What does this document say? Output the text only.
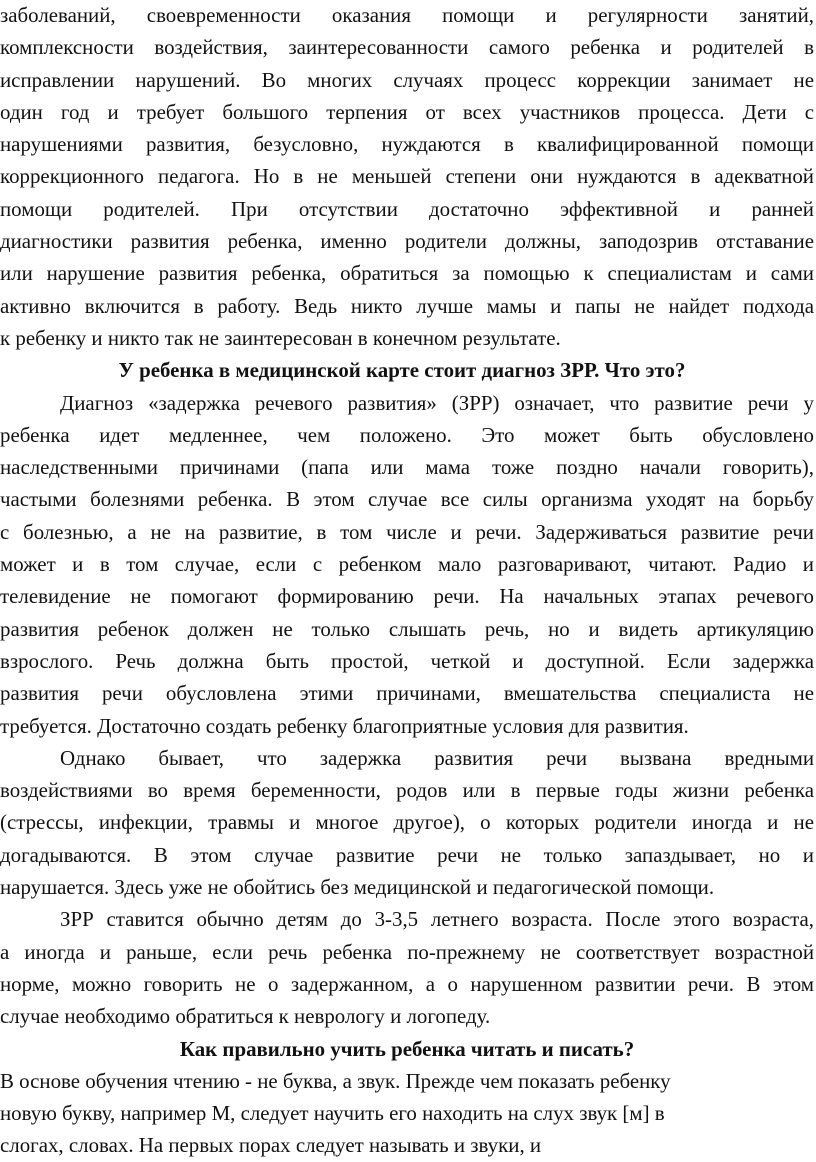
заболеваний, своевременности оказания помощи и регулярности занятий,
комплексности воздействия, заинтересованности самого ребенка и родителей в
исправлении нарушений. Во многих случаях процесс коррекции занимает не
один год и требует большого терпения от всех участников процесса. Дети с
нарушениями развития, безусловно, нуждаются в квалифицированной помощи
коррекционного педагога. Но в не меньшей степени они нуждаются в адекватной
помощи родителей. При отсутствии достаточно эффективной и ранней
диагностики развития ребенка, именно родители должны, заподозрив отставание
или нарушение развития ребенка, обратиться за помощью к специалистам и сами
активно включится в работу. Ведь никто лучше мамы и папы не найдет подхода
к ребенку и никто так не заинтересован в конечном результате.
У ребенка в медицинской карте стоит диагноз ЗРР. Что это?
Диагноз «задержка речевого развития» (ЗРР) означает, что развитие речи у
ребенка идет медленнее, чем положено. Это может быть обусловлено
наследственными причинами (папа или мама тоже поздно начали говорить),
частыми болезнями ребенка. В этом случае все силы организма уходят на борьбу
с болезнью, а не на развитие, в том числе и речи. Задерживаться развитие речи
может и в том случае, если с ребенком мало разговаривают, читают. Радио и
телевидение не помогают формированию речи. На начальных этапах речевого
развития ребенок должен не только слышать речь, но и видеть артикуляцию
взрослого. Речь должна быть простой, четкой и доступной. Если задержка
развития речи обусловлена этими причинами, вмешательства специалиста не
требуется. Достаточно создать ребенку благоприятные условия для развития.
Однако бывает, что задержка развития речи вызвана вредными
воздействиями во время беременности, родов или в первые годы жизни ребенка
(стрессы, инфекции, травмы и многое другое), о которых родители иногда и не
догадываются. В этом случае развитие речи не только запаздывает, но и
нарушается. Здесь уже не обойтись без медицинской и педагогической помощи.
ЗРР ставится обычно детям до 3-3,5 летнего возраста. После этого возраста,
а иногда и раньше, если речь ребенка по-прежнему не соответствует возрастной
норме, можно говорить не о задержанном, а о нарушенном развитии речи. В этом
случае необходимо обратиться к неврологу и логопеду.
Как правильно учить ребенка читать и писать?
В основе обучения чтению - не буква, а звук. Прежде чем показать ребенку
новую букву, например М, следует научить его находить на слух звук [м] в
слогах, словах. На первых порах следует называть и звуки, и
